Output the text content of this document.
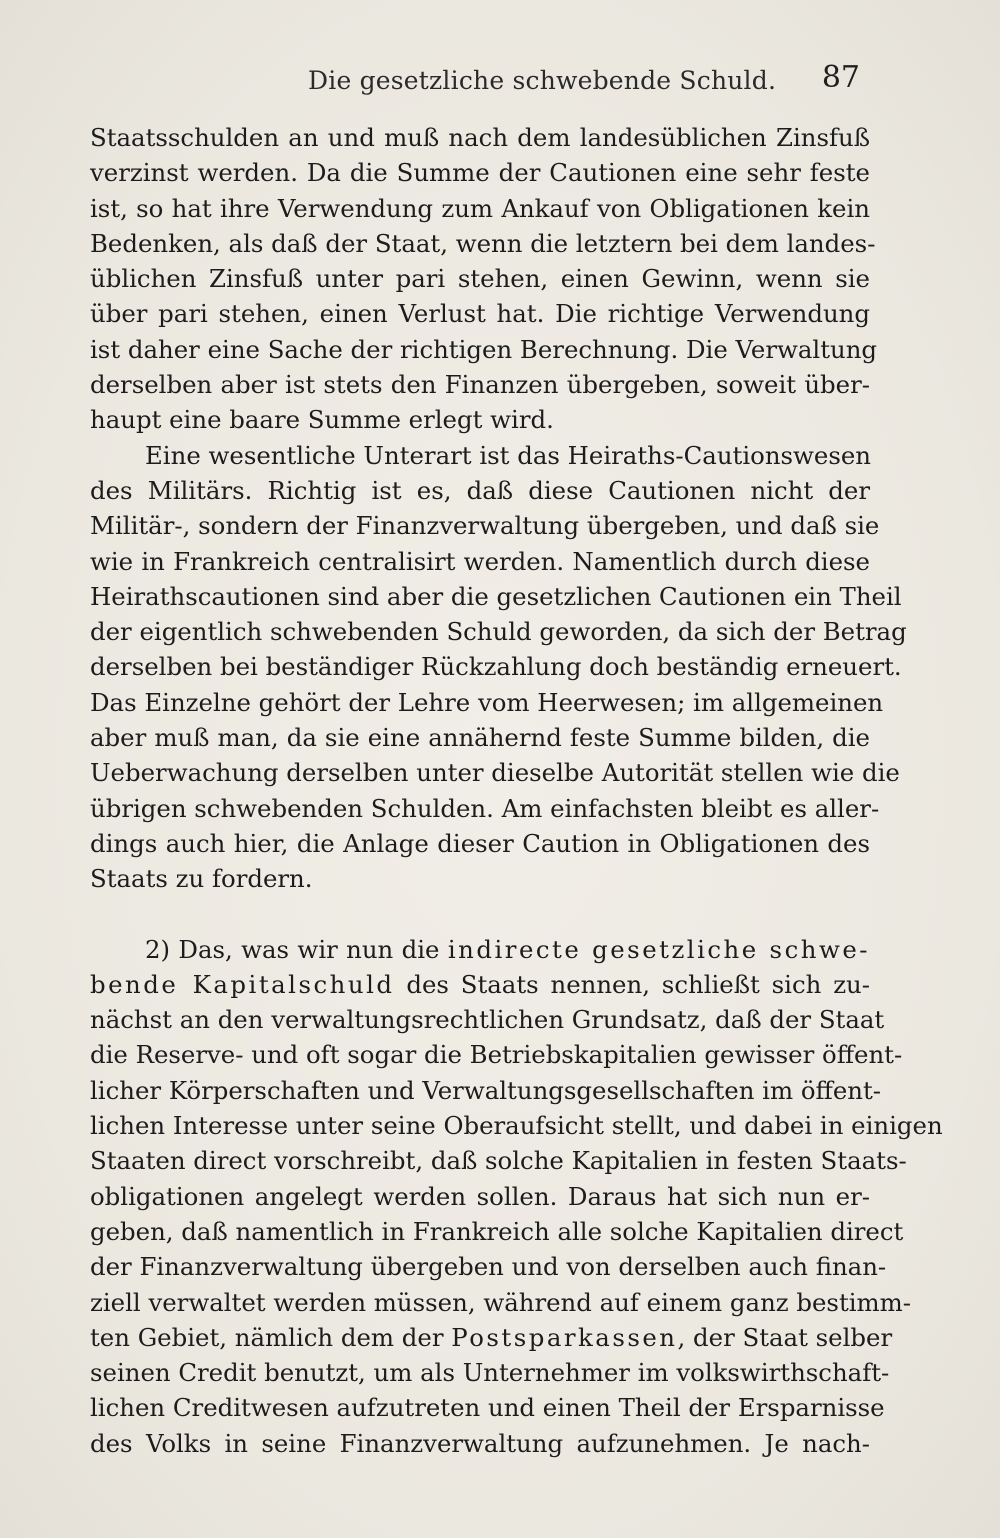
Die gesetzliche schwebende Schuld. 87
Staatsschulden an und muß nach dem landesüblichen Zinsfuß
verzinst werden. Da die Summe der Cautionen eine sehr feste
ist, so hat ihre Verwendung zum Ankauf von Obligationen kein
Bedenken, als daß der Staat, wenn die letztern bei dem landes-
üblichen Zinsfuß unter pari stehen, einen Gewinn, wenn sie
über pari stehen, einen Verlust hat. Die richtige Verwendung
ist daher eine Sache der richtigen Berechnung. Die Verwaltung
derselben aber ist stets den Finanzen übergeben, soweit über-
haupt eine baare Summe erlegt wird.
Eine wesentliche Unterart ist das Heiraths-Cautionswesen
des Militärs. Richtig ist es, daß diese Cautionen nicht der
Militär-, sondern der Finanzverwaltung übergeben, und daß sie
wie in Frankreich centralisirt werden. Namentlich durch diese
Heirathscautionen sind aber die gesetzlichen Cautionen ein Theil
der eigentlich schwebenden Schuld geworden, da sich der Betrag
derselben bei beständiger Rückzahlung doch beständig erneuert.
Das Einzelne gehört der Lehre vom Heerwesen; im allgemeinen
aber muß man, da sie eine annähernd feste Summe bilden, die
Ueberwachung derselben unter dieselbe Autorität stellen wie die
übrigen schwebenden Schulden. Am einfachsten bleibt es aller-
dings auch hier, die Anlage dieser Caution in Obligationen des
Staats zu fordern.
2) Das, was wir nun die indirecte gesetzliche schwe-
bende Kapitalschuld des Staats nennen, schließt sich zu-
nächst an den verwaltungsrechtlichen Grundsatz, daß der Staat
die Reserve- und oft sogar die Betriebskapitalien gewisser öffent-
licher Körperschaften und Verwaltungsgesellschaften im öffent-
lichen Interesse unter seine Oberaufsicht stellt, und dabei in einigen
Staaten direct vorschreibt, daß solche Kapitalien in festen Staats-
obligationen angelegt werden sollen. Daraus hat sich nun er-
geben, daß namentlich in Frankreich alle solche Kapitalien direct
der Finanzverwaltung übergeben und von derselben auch finan-
ziell verwaltet werden müssen, während auf einem ganz bestimm-
ten Gebiet, nämlich dem der Postsparkassen, der Staat selber
seinen Credit benutzt, um als Unternehmer im volkswirthschaft-
lichen Creditwesen aufzutreten und einen Theil der Ersparnisse
des Volks in seine Finanzverwaltung aufzunehmen. Je nach-
